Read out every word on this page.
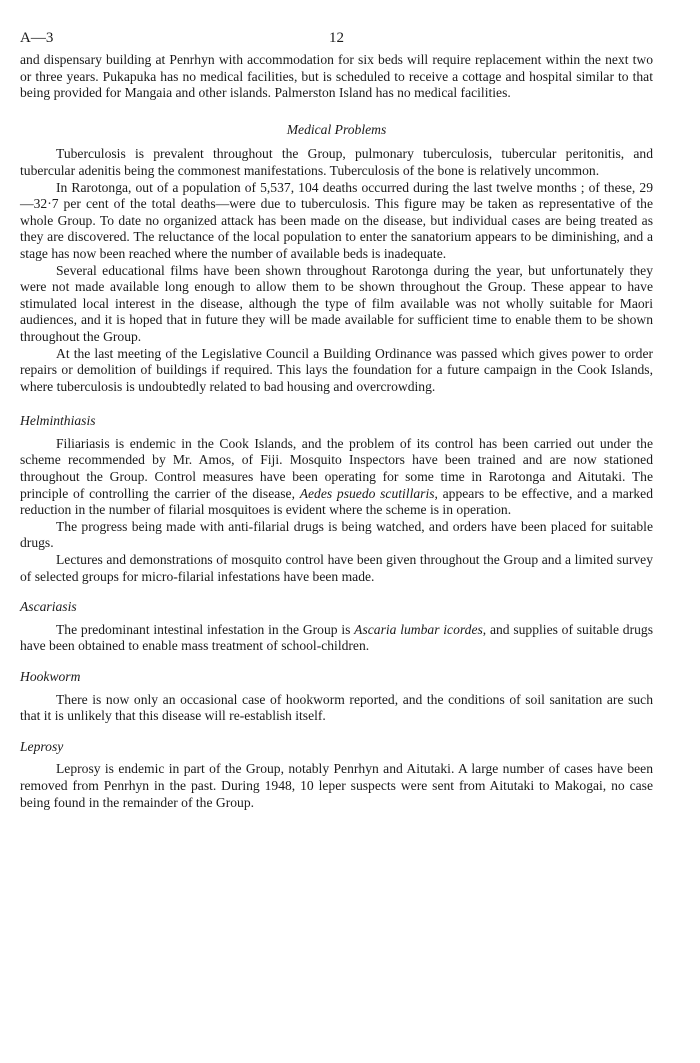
A—3	12

and dispensary building at Penrhyn with accommodation for six beds will require replacement within the next two or three years. Pukapuka has no medical facilities, but is scheduled to receive a cottage and hospital similar to that being provided for Mangaia and other islands. Palmerston Island has no medical facilities.

Medical Problems

Tuberculosis is prevalent throughout the Group, pulmonary tuberculosis, tubercular peritonitis, and tubercular adenitis being the commonest manifestations. Tuberculosis of the bone is relatively uncommon.

In Rarotonga, out of a population of 5,537, 104 deaths occurred during the last twelve months ; of these, 29—32·7 per cent of the total deaths—were due to tuberculosis. This figure may be taken as representative of the whole Group. To date no organized attack has been made on the disease, but individual cases are being treated as they are discovered. The reluctance of the local population to enter the sanatorium appears to be diminishing, and a stage has now been reached where the number of available beds is inadequate.

Several educational films have been shown throughout Rarotonga during the year, but unfortunately they were not made available long enough to allow them to be shown throughout the Group. These appear to have stimulated local interest in the disease, although the type of film available was not wholly suitable for Maori audiences, and it is hoped that in future they will be made available for sufficient time to enable them to be shown throughout the Group.

At the last meeting of the Legislative Council a Building Ordinance was passed which gives power to order repairs or demolition of buildings if required. This lays the foundation for a future campaign in the Cook Islands, where tuberculosis is undoubtedly related to bad housing and overcrowding.

Helminthiasis

Filiariasis is endemic in the Cook Islands, and the problem of its control has been carried out under the scheme recommended by Mr. Amos, of Fiji. Mosquito Inspectors have been trained and are now stationed throughout the Group. Control measures have been operating for some time in Rarotonga and Aitutaki. The principle of controlling the carrier of the disease, Aedes psuedo scutillaris, appears to be effective, and a marked reduction in the number of filarial mosquitoes is evident where the scheme is in operation.

The progress being made with anti-filarial drugs is being watched, and orders have been placed for suitable drugs.

Lectures and demonstrations of mosquito control have been given throughout the Group and a limited survey of selected groups for micro-filarial infestations have been made.

Ascariasis

The predominant intestinal infestation in the Group is Ascaria lumbar icordes, and supplies of suitable drugs have been obtained to enable mass treatment of school-children.

Hookworm

There is now only an occasional case of hookworm reported, and the conditions of soil sanitation are such that it is unlikely that this disease will re-establish itself.

Leprosy

Leprosy is endemic in part of the Group, notably Penrhyn and Aitutaki. A large number of cases have been removed from Penrhyn in the past. During 1948, 10 leper suspects were sent from Aitutaki to Makogai, no case being found in the remainder of the Group.
